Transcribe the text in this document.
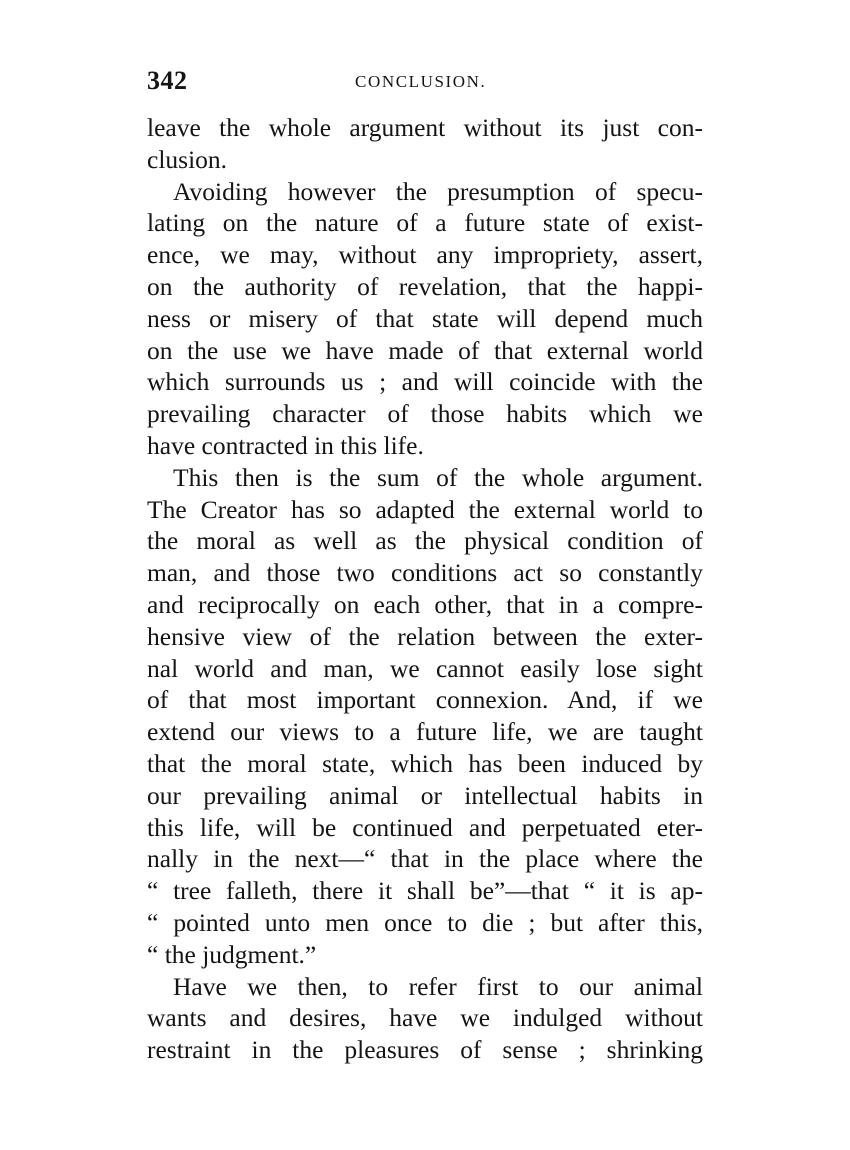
342	CONCLUSION.
leave the whole argument without its just con-
clusion.
Avoiding however the presumption of specu-
lating on the nature of a future state of exist-
ence, we may, without any impropriety, assert,
on the authority of revelation, that the happi-
ness or misery of that state will depend much
on the use we have made of that external world
which surrounds us ; and will coincide with the
prevailing character of those habits which we
have contracted in this life.
This then is the sum of the whole argument.
The Creator has so adapted the external world to
the moral as well as the physical condition of
man, and those two conditions act so constantly
and reciprocally on each other, that in a compre-
hensive view of the relation between the exter-
nal world and man, we cannot easily lose sight
of that most important connexion. And, if we
extend our views to a future life, we are taught
that the moral state, which has been induced by
our prevailing animal or intellectual habits in
this life, will be continued and perpetuated eter-
nally in the next—“ that in the place where the
“ tree falleth, there it shall be”—that “ it is ap-
“ pointed unto men once to die ; but after this,
“ the judgment.”
Have we then, to refer first to our animal
wants and desires, have we indulged without
restraint in the pleasures of sense ; shrinking
